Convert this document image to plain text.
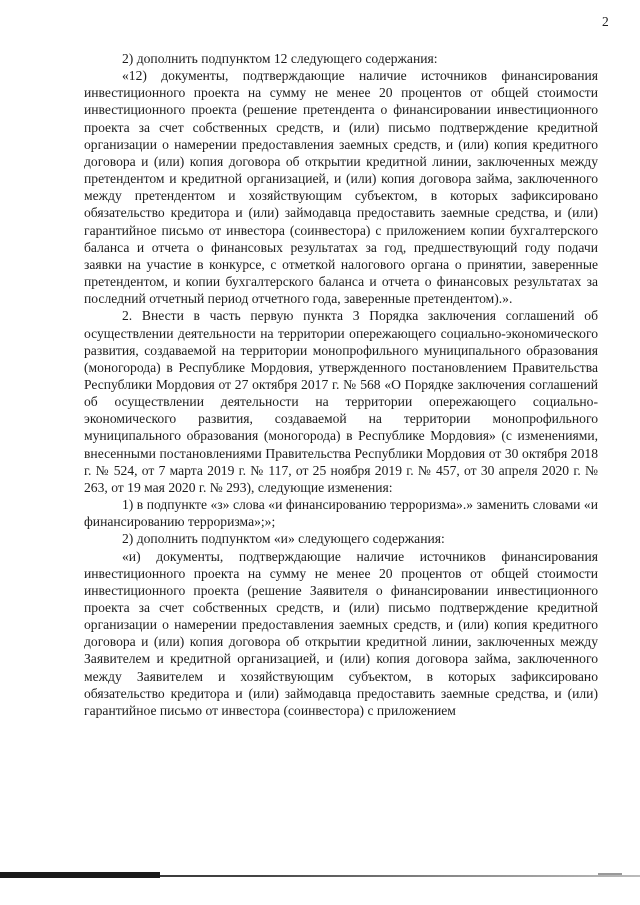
2

2) дополнить подпунктом 12 следующего содержания:

«12) документы, подтверждающие наличие источников финансирования инвестиционного проекта на сумму не менее 20 процентов от общей стоимости инвестиционного проекта (решение претендента о финансировании инвестиционного проекта за счет собственных средств, и (или) письмо подтверждение кредитной организации о намерении предоставления заемных средств, и (или) копия кредитного договора и (или) копия договора об открытии кредитной линии, заключенных между претендентом и кредитной организацией, и (или) копия договора займа, заключенного между претендентом и хозяйствующим субъектом, в которых зафиксировано обязательство кредитора и (или) займодавца предоставить заемные средства, и (или) гарантийное письмо от инвестора (соинвестора) с приложением копии бухгалтерского баланса и отчета о финансовых результатах за год, предшествующий году подачи заявки на участие в конкурсе, с отметкой налогового органа о принятии, заверенные претендентом, и копии бухгалтерского баланса и отчета о финансовых результатах за последний отчетный период отчетного года, заверенные претендентом).».

2. Внести в часть первую пункта 3 Порядка заключения соглашений об осуществлении деятельности на территории опережающего социально-экономического развития, создаваемой на территории монопрофильного муниципального образования (моногорода) в Республике Мордовия, утвержденного постановлением Правительства Республики Мордовия от 27 октября 2017 г. № 568 «О Порядке заключения соглашений об осуществлении деятельности на территории опережающего социально-экономического развития, создаваемой на территории монопрофильного муниципального образования (моногорода) в Республике Мордовия» (с изменениями, внесенными постановлениями Правительства Республики Мордовия от 30 октября 2018 г. № 524, от 7 марта 2019 г. № 117, от 25 ноября 2019 г. № 457, от 30 апреля 2020 г. № 263, от 19 мая 2020 г. № 293), следующие изменения:

1) в подпункте «з» слова «и финансированию терроризма».» заменить словами «и финансированию терроризма»;»;

2) дополнить подпунктом «и» следующего содержания:

«и) документы, подтверждающие наличие источников финансирования инвестиционного проекта на сумму не менее 20 процентов от общей стоимости инвестиционного проекта (решение Заявителя о финансировании инвестиционного проекта за счет собственных средств, и (или) письмо подтверждение кредитной организации о намерении предоставления заемных средств, и (или) копия кредитного договора и (или) копия договора об открытии кредитной линии, заключенных между Заявителем и кредитной организацией, и (или) копия договора займа, заключенного между Заявителем и хозяйствующим субъектом, в которых зафиксировано обязательство кредитора и (или) займодавца предоставить заемные средства, и (или) гарантийное письмо от инвестора (соинвестора) с приложением
